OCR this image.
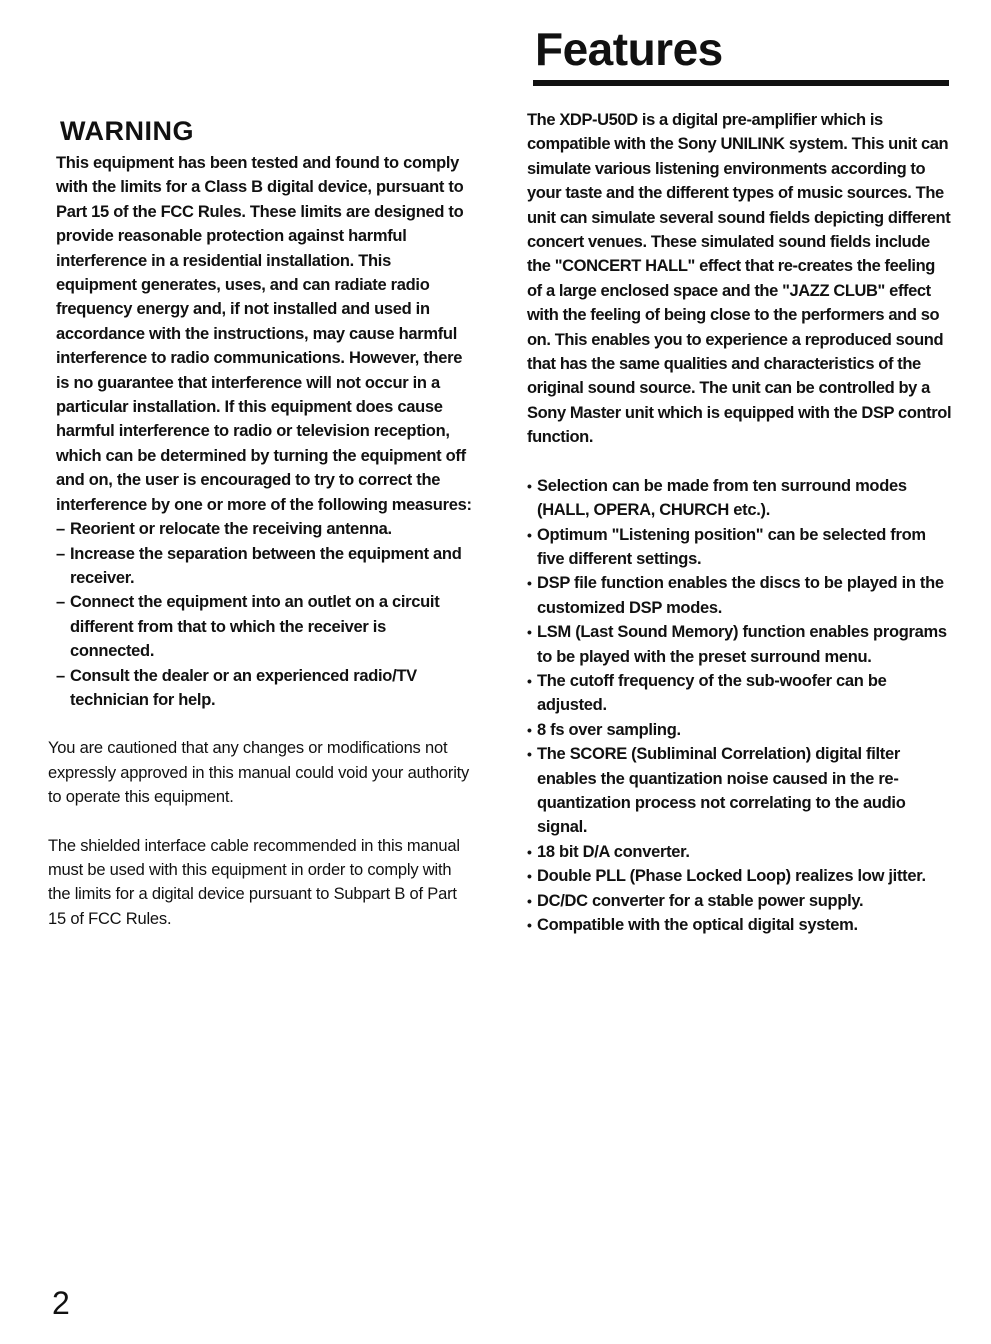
WARNING
This equipment has been tested and found to comply with the limits for a Class B digital device, pursuant to Part 15 of the FCC Rules. These limits are designed to provide reasonable protection against harmful interference in a residential installation. This equipment generates, uses, and can radiate radio frequency energy and, if not installed and used in accordance with the instructions, may cause harmful interference to radio communications. However, there is no guarantee that interference will not occur in a particular installation. If this equipment does cause harmful interference to radio or television reception, which can be determined by turning the equipment off and on, the user is encouraged to try to correct the interference by one or more of the following measures:
– Reorient or relocate the receiving antenna.
– Increase the separation between the equipment and receiver.
– Connect the equipment into an outlet on a circuit different from that to which the receiver is connected.
– Consult the dealer or an experienced radio/TV technician for help.
You are cautioned that any changes or modifications not expressly approved in this manual could void your authority to operate this equipment.
The shielded interface cable recommended in this manual must be used with this equipment in order to comply with the limits for a digital device pursuant to Subpart B of Part 15 of FCC Rules.
Features
The XDP-U50D is a digital pre-amplifier which is compatible with the Sony UNILINK system. This unit can simulate various listening environments according to your taste and the different types of music sources. The unit can simulate several sound fields depicting different concert venues. These simulated sound fields include the "CONCERT HALL" effect that re-creates the feeling of a large enclosed space and the "JAZZ CLUB" effect with the feeling of being close to the performers and so on. This enables you to experience a reproduced sound that has the same qualities and characteristics of the original sound source. The unit can be controlled by a Sony Master unit which is equipped with the DSP control function.
• Selection can be made from ten surround modes (HALL, OPERA, CHURCH etc.).
• Optimum "Listening position" can be selected from five different settings.
• DSP file function enables the discs to be played in the customized DSP modes.
• LSM (Last Sound Memory) function enables programs to be played with the preset surround menu.
• The cutoff frequency of the sub-woofer can be adjusted.
• 8 fs over sampling.
• The SCORE (Subliminal Correlation) digital filter enables the quantization noise caused in the re-quantization process not correlating to the audio signal.
• 18 bit D/A converter.
• Double PLL (Phase Locked Loop) realizes low jitter.
• DC/DC converter for a stable power supply.
• Compatible with the optical digital system.
2
